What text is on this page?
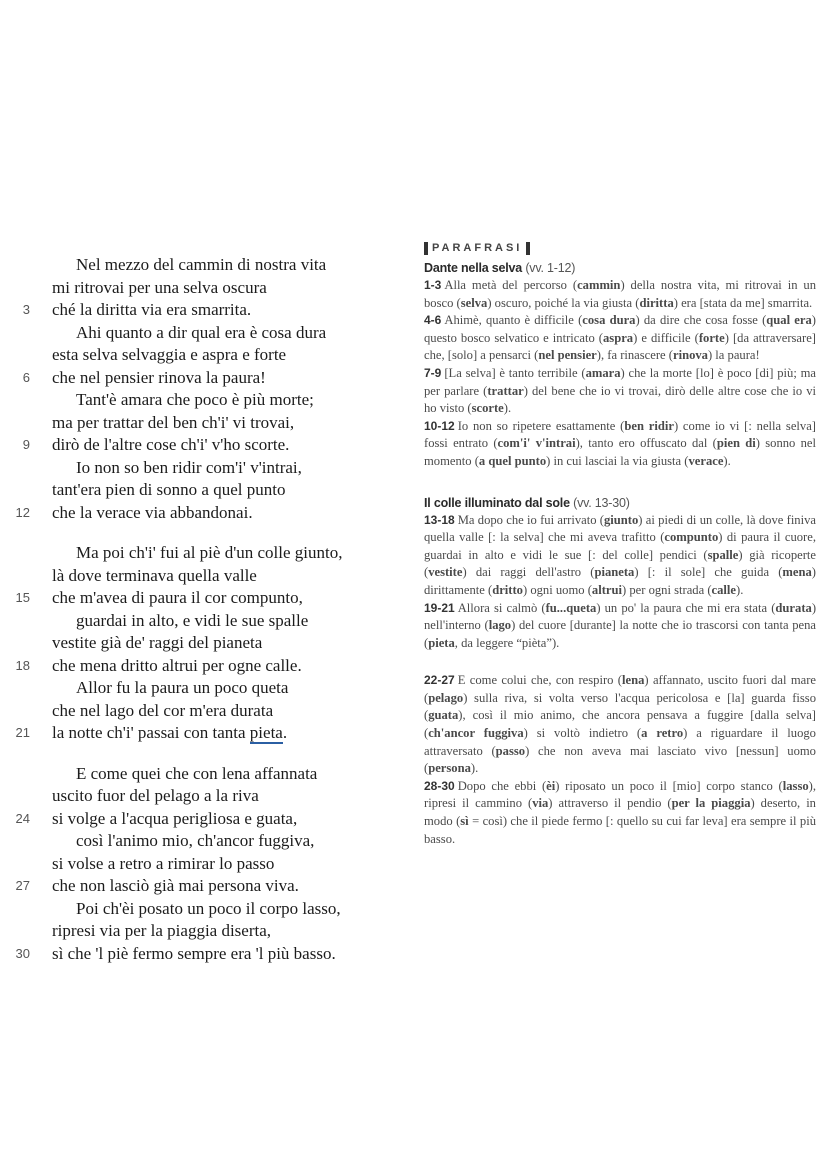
Nel mezzo del cammin di nostra vita
mi ritrovai per una selva oscura
3 ché la diritta via era smarrita.
Ahi quanto a dir qual era è cosa dura
esta selva selvaggia e aspra e forte
6 che nel pensier rinova la paura!
Tant'è amara che poco è più morte;
ma per trattar del ben ch'i' vi trovai,
9 dirò de l'altre cose ch'i' v'ho scorte.
Io non so ben ridir com'i' v'intrai,
tant'era pien di sonno a quel punto
12 che la verace via abbandonai.
Ma poi ch'i' fui al piè d'un colle giunto,
là dove terminava quella valle
15 che m'avea di paura il cor compunto,
guardai in alto, e vidi le sue spalle
vestite già de' raggi del pianeta
18 che mena dritto altrui per ogne calle.
Allor fu la paura un poco queta
che nel lago del cor m'era durata
21 la notte ch'i' passai con tanta pieta.
E come quei che con lena affannata
uscito fuor del pelago a la riva
24 si volge a l'acqua perigliosa e guata,
così l'animo mio, ch'ancor fuggiva,
si volse a retro a rimirar lo passo
27 che non lasciò già mai persona viva.
Poi ch'èi posato un poco il corpo lasso,
ripresi via per la piaggia diserta,
30 sì che 'l piè fermo sempre era 'l più basso.
PARAFRASI
Dante nella selva (vv. 1-12)

1-3 Alla metà del percorso (cammin) della nostra vita, mi ritrovai in un bosco (selva) oscuro, poiché la via giusta (diritta) era [stata da me] smarrita.

4-6 Ahimè, quanto è difficile (cosa dura) da dire che cosa fosse (qual era) questo bosco selvatico e intricato (aspra) e difficile (forte) [da attraversare] che, [solo] a pensarci (nel pensier), fa rinascere (rinova) la paura!

7-9 [La selva] è tanto terribile (amara) che la morte [lo] è poco [di] più; ma per parlare (trattar) del bene che io vi trovai, dirò delle altre cose che io vi ho visto (scorte).

10-12 Io non so ripetere esattamente (ben ridir) come io vi [: nella selva] fossi entrato (com'i' v'intrai), tanto ero offuscato dal (pien di) sonno nel momento (a quel punto) in cui lasciai la via giusta (verace).

Il colle illuminato dal sole (vv. 13-30)

13-18 Ma dopo che io fui arrivato (giunto) ai piedi di un colle, là dove finiva quella valle [: la selva] che mi aveva trafitto (compunto) di paura il cuore, guardai in alto e vidi le sue [: del colle] pendici (spalle) già ricoperte (vestite) dai raggi dell'astro (pianeta) [: il sole] che guida (mena) dirittamente (dritto) ogni uomo (altrui) per ogni strada (calle).

19-21 Allora si calmò (fu...queta) un po' la paura che mi era stata (durata) nell'interno (lago) del cuore [durante] la notte che io trascorsi con tanta pena (pieta, da leggere “pièta”).

22-27 E come colui che, con respiro (lena) affannato, uscito fuori dal mare (pelago) sulla riva, si volta verso l'acqua pericolosa e [la] guarda fisso (guata), così il mio animo, che ancora pensava a fuggire [dalla selva] (ch'ancor fuggiva) si voltò indietro (a retro) a riguardare il luogo attraversato (passo) che non aveva mai lasciato vivo [nessun] uomo (persona).

28-30 Dopo che ebbi (èi) riposato un poco il [mio] corpo stanco (lasso), ripresi il cammino (via) attraverso il pendio (per la piaggia) deserto, in modo (sì = così) che il piede fermo [: quello su cui far leva] era sempre il più basso.
